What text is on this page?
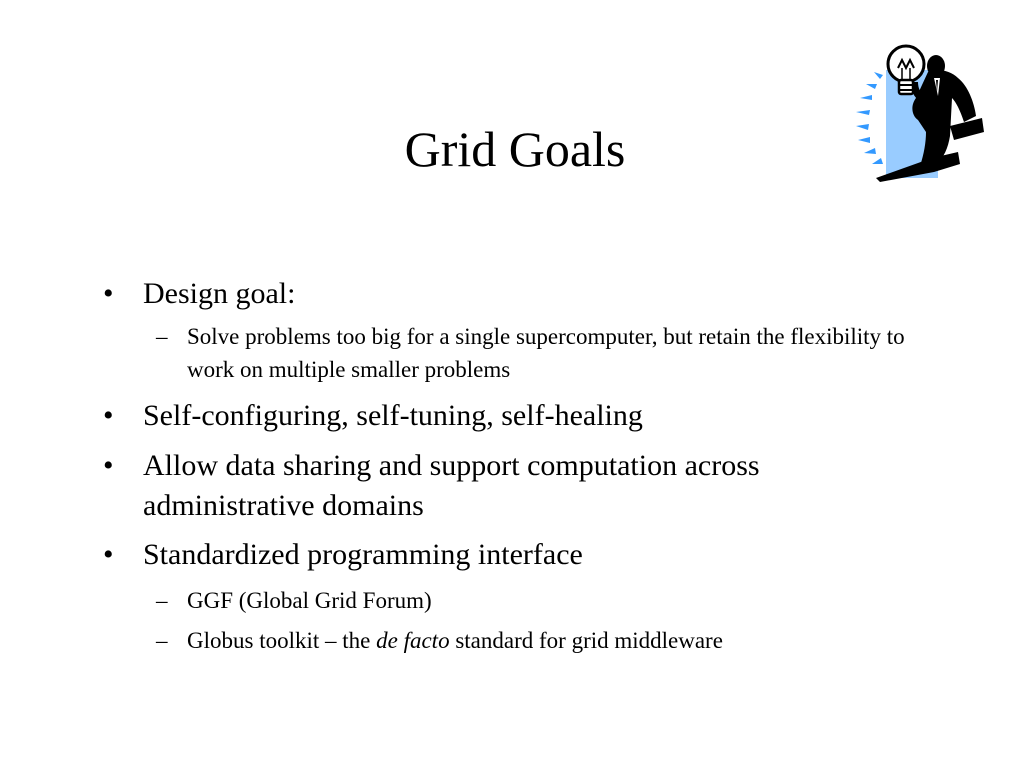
Grid Goals
• Design goal:
– Solve problems too big for a single supercomputer, but retain the flexibility to work on multiple smaller problems
• Self-configuring, self-tuning, self-healing
• Allow data sharing and support computation across administrative domains
• Standardized programming interface
– GGF (Global Grid Forum)
– Globus toolkit – the de facto standard for grid middleware
